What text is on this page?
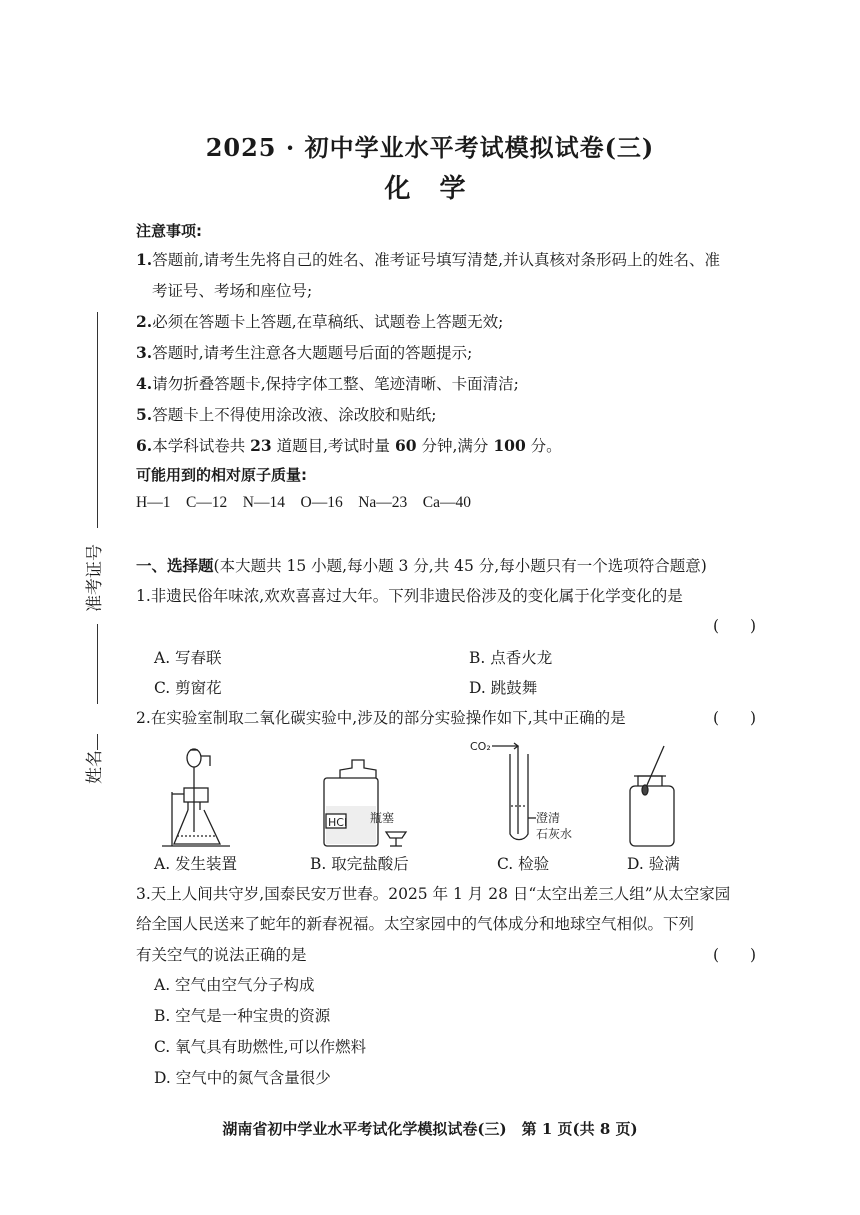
2025 · 初中学业水平考试模拟试卷(三)
化 学
注意事项:
1.答题前,请考生先将自己的姓名、准考证号填写清楚,并认真核对条形码上的姓名、准
考证号、考场和座位号;
2.必须在答题卡上答题,在草稿纸、试题卷上答题无效;
3.答题时,请考生注意各大题题号后面的答题提示;
4.请勿折叠答题卡,保持字体工整、笔迹清晰、卡面清洁;
5.答题卡上不得使用涂改液、涂改胶和贴纸;
6.本学科试卷共 23 道题目,考试时量 60 分钟,满分 100 分。
可能用到的相对原子质量:
H—1 C—12 N—14 O—16 Na—23 Ca—40
准考证号
姓名
一、选择题(本大题共 15 小题,每小题 3 分,共 45 分,每小题只有一个选项符合题意)
1.非遗民俗年味浓,欢欢喜喜过大年。下列非遗民俗涉及的变化属于化学变化的是
(　　)
A. 写春联	B. 点香火龙
C. 剪窗花	D. 跳鼓舞
2.在实验室制取二氧化碳实验中,涉及的部分实验操作如下,其中正确的是	(　　)
HCl 瓶塞
CO₂
澄清
石灰水
A. 发生装置	B. 取完盐酸后	C. 检验	D. 验满
3.天上人间共守岁,国泰民安万世春。2025 年 1 月 28 日“太空出差三人组”从太空家园
给全国人民送来了蛇年的新春祝福。太空家园中的气体成分和地球空气相似。下列
有关空气的说法正确的是	(　　)
A. 空气由空气分子构成
B. 空气是一种宝贵的资源
C. 氧气具有助燃性,可以作燃料
D. 空气中的氮气含量很少
湖南省初中学业水平考试化学模拟试卷(三)　第 1 页(共 8 页)
